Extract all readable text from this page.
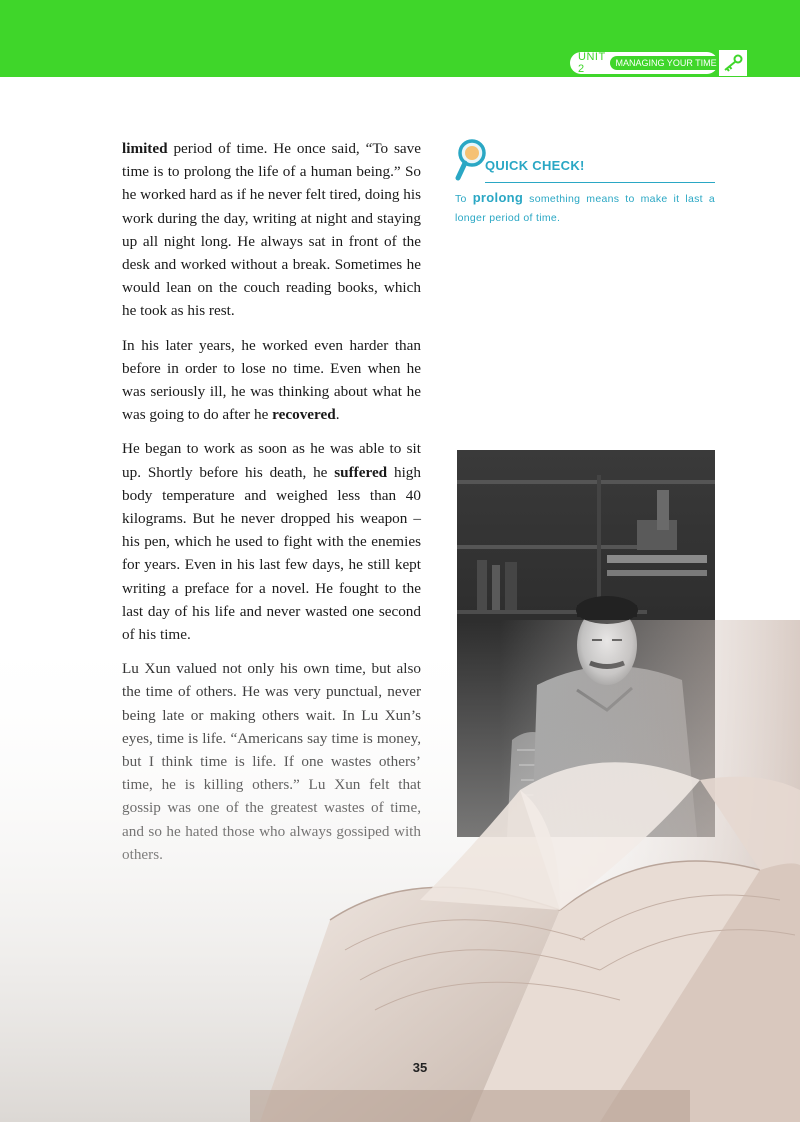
UNIT 2	MANAGING YOUR TIME

limited period of time. He once said, “To save time is to prolong the life of a human being.” So he worked hard as if he never felt tired, doing his work during the day, writing at night and staying up all night long. He always sat in front of the desk and worked without a break. Sometimes he would lean on the couch reading books, which he took as his rest.

In his later years, he worked even harder than before in order to lose no time. Even when he was seriously ill, he was thinking about what he was going to do after he recovered.

He began to work as soon as he was able to sit up. Shortly before his death, he suffered high body temperature and weighed less than 40 kilograms. But he never dropped his weapon – his pen, which he used to fight with the enemies for years. Even in his last few days, he still kept writing a preface for a novel. He fought to the last day of his life and never wasted one second

QUICK CHECK!
To prolong something means to make it last a longer period of time.
35
